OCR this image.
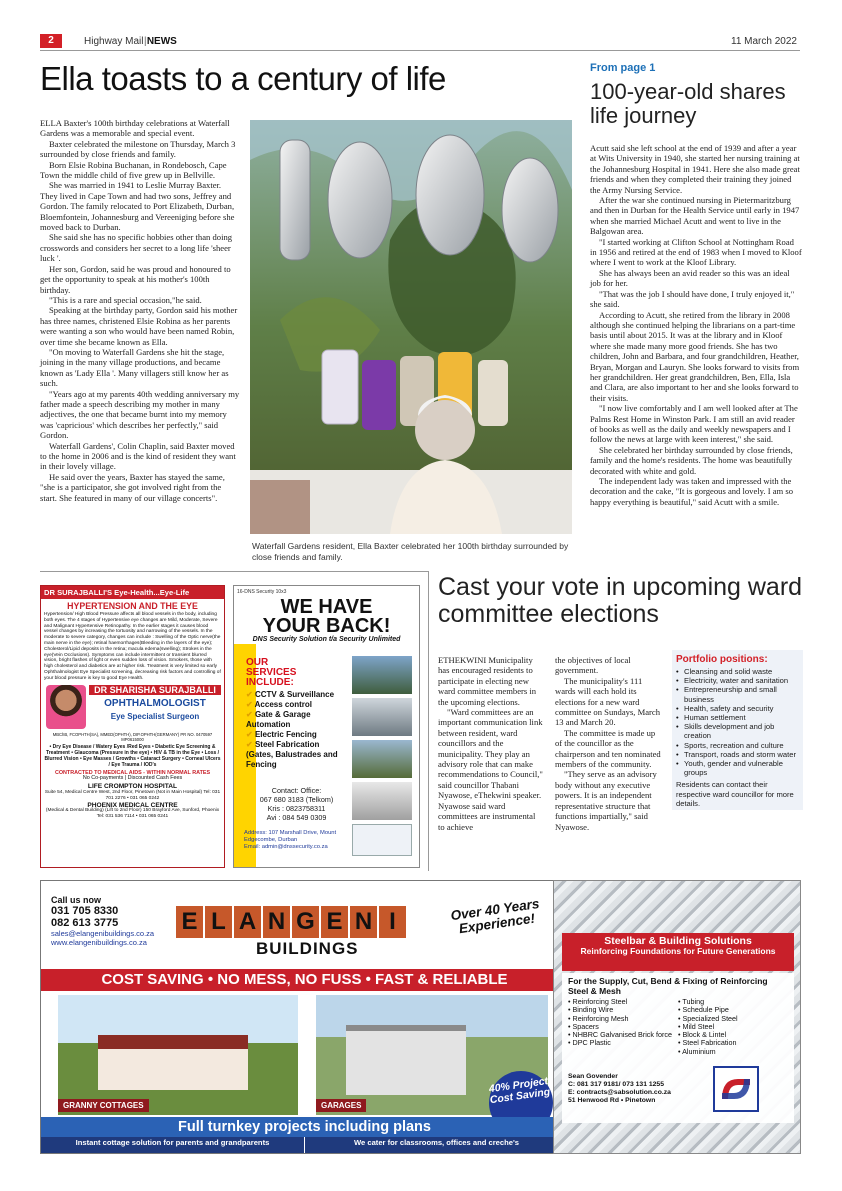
2	Highway Mail |NEWS	11 March 2022
Ella toasts to a century of life

ELLA Baxter's 100th birthday celebrations at Waterfall Gardens was a memorable and special event.

Baxter celebrated the milestone on Thursday, March 3 surrounded by close friends and family.

Born Elsie Robina Buchanan, in Rondebosch, Cape Town the middle child of five grew up in Bellville.

She was married in 1941 to Leslie Murray Baxter. They lived in Cape Town and had two sons, Jeffrey and Gordon. The family relocated to Port Elizabeth, Durban, Bloemfontein, Johannesburg and Vereeniging before she moved back to Durban.

She said she has no specific hobbies other than doing crosswords and considers her secret to a long life 'sheer luck '.

Her son, Gordon, said he was proud and honoured to get the opportunity to speak at his mother's 100th birthday.

"This is a rare and special occasion,"he said.

Speaking at the birthday party, Gordon said his mother has three names, christened Elsie Robina as her parents were wanting a son who would have been named Robin, over time she became known as Ella.

"On moving to Waterfall Gardens she hit the stage, joining in the many village productions, and became known as 'Lady Ella '. Many villagers still know her as such.

"Years ago at my parents 40th wedding anniversary my father made a speech describing my mother in many adjectives, the one that became burnt into my memory was 'capricious' which describes her perfectly," said Gordon.

Waterfall Gardens', Colin Chaplin, said Baxter moved to the home in 2006 and is the kind of resident they want in their lovely village.

He said over the years, Baxter has stayed the same, "she is a participator, she got involved right from the start. She featured in many of our village concerts".

Waterfall Gardens resident, Ella Baxter celebrated her 100th birthday surrounded by close friends and family.
From page 1
100-year-old shares life journey

Acutt said she left school at the end of 1939 and after a year at Wits University in 1940, she started her nursing training at the Johannesburg Hospital in 1941. Here she also made great friends and when they completed their training they joined the Army Nursing Service.

After the war she continued nursing in Pietermaritzburg and then in Durban for the Health Service until early in 1947 when she married Michael Acutt and went to live in the Balgowan area.

"I started working at Clifton School at Nottingham Road in 1956 and retired at the end of 1983 when I moved to Kloof where I went to work at the Kloof Library.

She has always been an avid reader so this was an ideal job for her.

"That was the job I should have done, I truly enjoyed it," she said.

According to Acutt, she retired from the library in 2008 although she continued helping the librarians on a part-time basis until about 2015. It was at the library and in Kloof where she made many more good friends. She has two children, John and Barbara, and four grandchildren, Heather, Bryan, Morgan and Lauryn. She looks forward to visits from her grandchildren. Her great grandchildren, Ben, Ella, Isla and Clara, are also important to her and she looks forward to their visits.

"I now live comfortably and I am well looked after at The Palms Rest Home in Winston Park. I am still an avid reader of books as well as the daily and weekly newspapers and I follow the news at large with keen interest," she said.

She celebrated her birthday surrounded by close friends, family and the home's residents. The home was beautifully decorated with white and gold.

The independent lady was taken and impressed with the decoration and the cake, "It is gorgeous and lovely. I am so happy everything is beautiful," said Acutt with a smile.

DR SURAJBALLI'S Eye-Health...Eye-Life
HYPERTENSION AND THE EYE
Hypertension/ High Blood Pressure affects all blood vessels in the body, including both eyes. The 4 stages of Hypertensive eye changes are Mild, Moderate, Severe and Malignant Hypertensive Retinopathy. In the earlier stages it causes blood vessel changes by increasing the tortuosity and narrowing of the vessels. In the moderate to severe category, changes can include : Swelling of the Optic nerve(the main nerve in the eye); retinal haemorrhages(Bleeding in the layers of the eye); Cholesterol/Lipid deposits in the retina; macula edema(swelling); Strokes in the eye(Vein Occlusions). Symptoms can include intermittent or transient blurred vision, bright flashes of light or even sudden loss of vision. Smokers, those with high cholesterol and diabetics are at higher risk. Treatment is very limited so early Ophthalmologist Eye Specialist screening, decreasing risk factors and controlling of your blood pressure is key to good Eye Health.
DR SHARISHA SURAJBALLI
OPHTHALMOLOGIST
Eye Specialist Surgeon
MBChB, FCOPHTH(SA), MMED(OPHTH), DIP.OPHTH(GERMANY) PR NO. 0470597 MP0615000
• Dry Eye Disease / Watery Eyes /Red Eyes • Diabetic Eye Screening & Treatment • Glaucoma (Pressure in the eye) • HIV & TB in the Eye • Loss / Blurred Vision • Eye Masses / Growths • Cataract Surgery • Corneal Ulcers / Eye Trauma / IOD's
CONTRACTED TO MEDICAL AIDS - WITHIN NORMAL RATES
No Co-payments | Discounted Cash Fees
LIFE CROMPTON HOSPITAL
Suite 54, Medical Centre West, 2nd Floor, Pinetown (Not in Main Hospital) Tel: 031 701 2276 • 031 065 0242
PHOENIX MEDICAL CENTRE
(Medical & Dental Building) (Lift to 2nd Floor) 150 Brayford Ave, Sunford, Phoenix Tel: 031 536 7114 • 031 065 0241
16-DNS Security 10x3
WE HAVE
YOUR BACK!
DNS Security Solution t/a Security Unlimited
OUR
SERVICES
INCLUDE:
✔ CCTV & Surveillance
✔ Access control
✔ Gate & Garage Automation
✔ Electric Fencing
✔ Steel Fabrication (Gates, Balustrades and Fencing
Contact: Office:
067 680 3183 (Telkom)
Kris : 0823758311
Avi : 084 549 0309
Address: 107 Marshall Drive, Mount Edgecombe, Durban
Email: admin@dnssecurity.co.za
Cast your vote in upcoming ward committee elections

ETHEKWINI Municipality has encouraged residents to participate in electing new ward committee members in the upcoming elections.

"Ward committees are an important communication link between resident, ward councillors and the municipality. They play an advisory role that can make recommendations to Council," said councillor Thabani Nyawose, eThekwini speaker. Nyawose said ward committees are instrumental to achieve

the objectives of local government.

The municipality's 111 wards will each hold its elections for a new ward committee on Sundays, March 13 and March 20.

The committee is made up of the councillor as the chairperson and ten nominated members of the community.

"They serve as an advisory body without any executive powers. It is an independent representative structure that functions impartially," said Nyawose.

Portfolio positions:
• Cleansing and solid waste
• Electricity, water and sanitation
• Entrepreneurship and small business
• Health, safety and security
• Human settlement
• Skills development and job creation
• Sports, recreation and culture
• Transport, roads and storm water
• Youth, gender and vulnerable groups
Residents can contact their respective ward councillor for more details.
Call us now
031 705 8330
082 613 3775
sales@elangenibuildings.co.za
www.elangenibuildings.co.za
E L A N G E N I
BUILDINGS
Over 40 Years Experience!
COST SAVING • NO MESS, NO FUSS • FAST & RELIABLE
GRANNY COTTAGES	GARAGES
40% Project Cost Saving
Full turnkey projects including plans
Instant cottage solution for parents and grandparents	We cater for classrooms, offices and creche's
Steelbar & Building Solutions
Reinforcing Foundations for Future Generations
For the Supply, Cut, Bend & Fixing of Reinforcing Steel & Mesh
• Reinforcing Steel
• Binding Wire
• Reinforcing Mesh
• Spacers
• NHBRC Galvanised Brick force
• DPC Plastic
• Tubing
• Schedule Pipe
• Specialized Steel
• Mild Steel
• Block & Lintel
• Steel Fabrication
• Aluminium
Sean Govender
C: 081 317 9181/ 073 131 1255
E: contracts@sabsolution.co.za
51 Henwood Rd • Pinetown
